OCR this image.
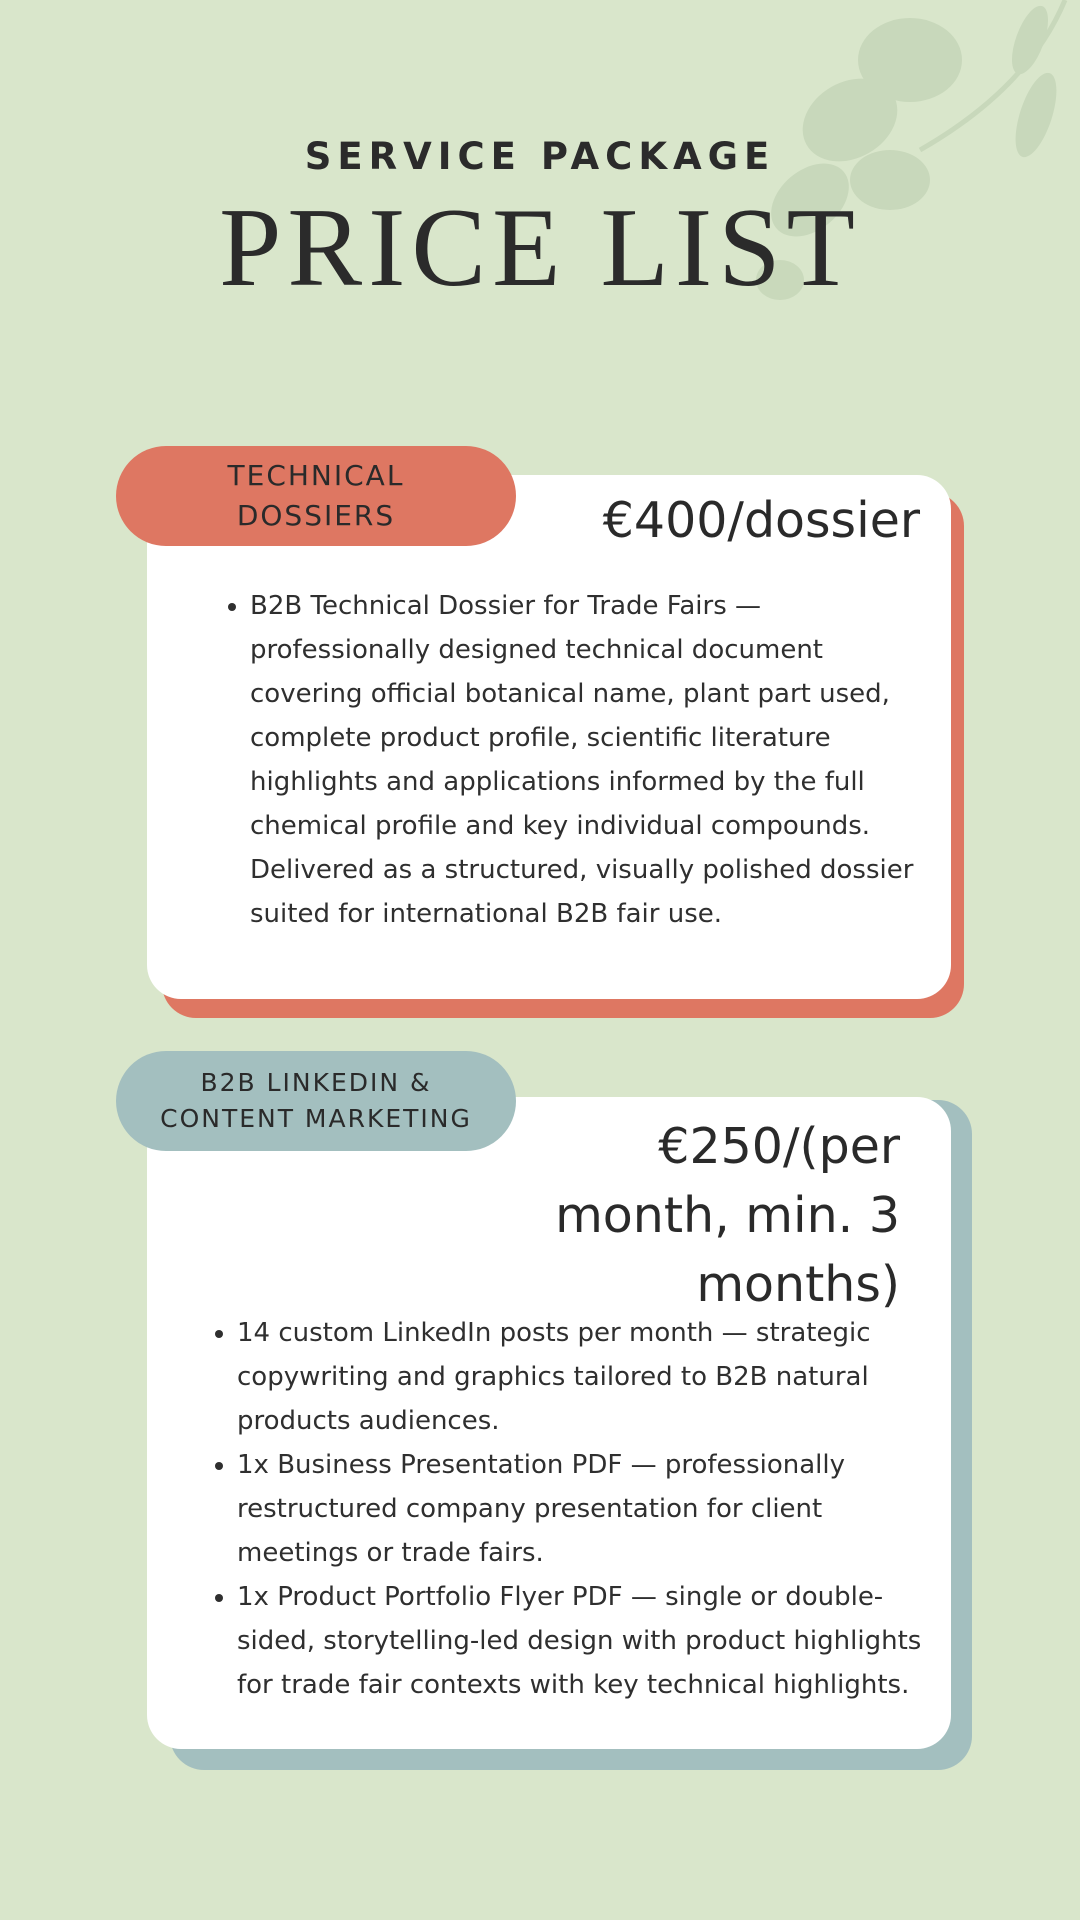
SERVICE PACKAGE
PRICE LIST
TECHNICAL
DOSSIERS	€400/dossier
• B2B Technical Dossier for Trade Fairs — professionally designed technical document covering official botanical name, plant part used, complete product profile, scientific literature highlights and applications informed by the full chemical profile and key individual compounds. Delivered as a structured, visually polished dossier suited for international B2B fair use.
B2B LINKEDIN &
CONTENT MARKETING	€250/(per month, min. 3 months)
• 14 custom LinkedIn posts per month — strategic copywriting and graphics tailored to B2B natural products audiences.
• 1x Business Presentation PDF — professionally restructured company presentation for client meetings or trade fairs.
• 1x Product Portfolio Flyer PDF — single or double-sided, storytelling-led design with product highlights for trade fair contexts with key technical highlights.
